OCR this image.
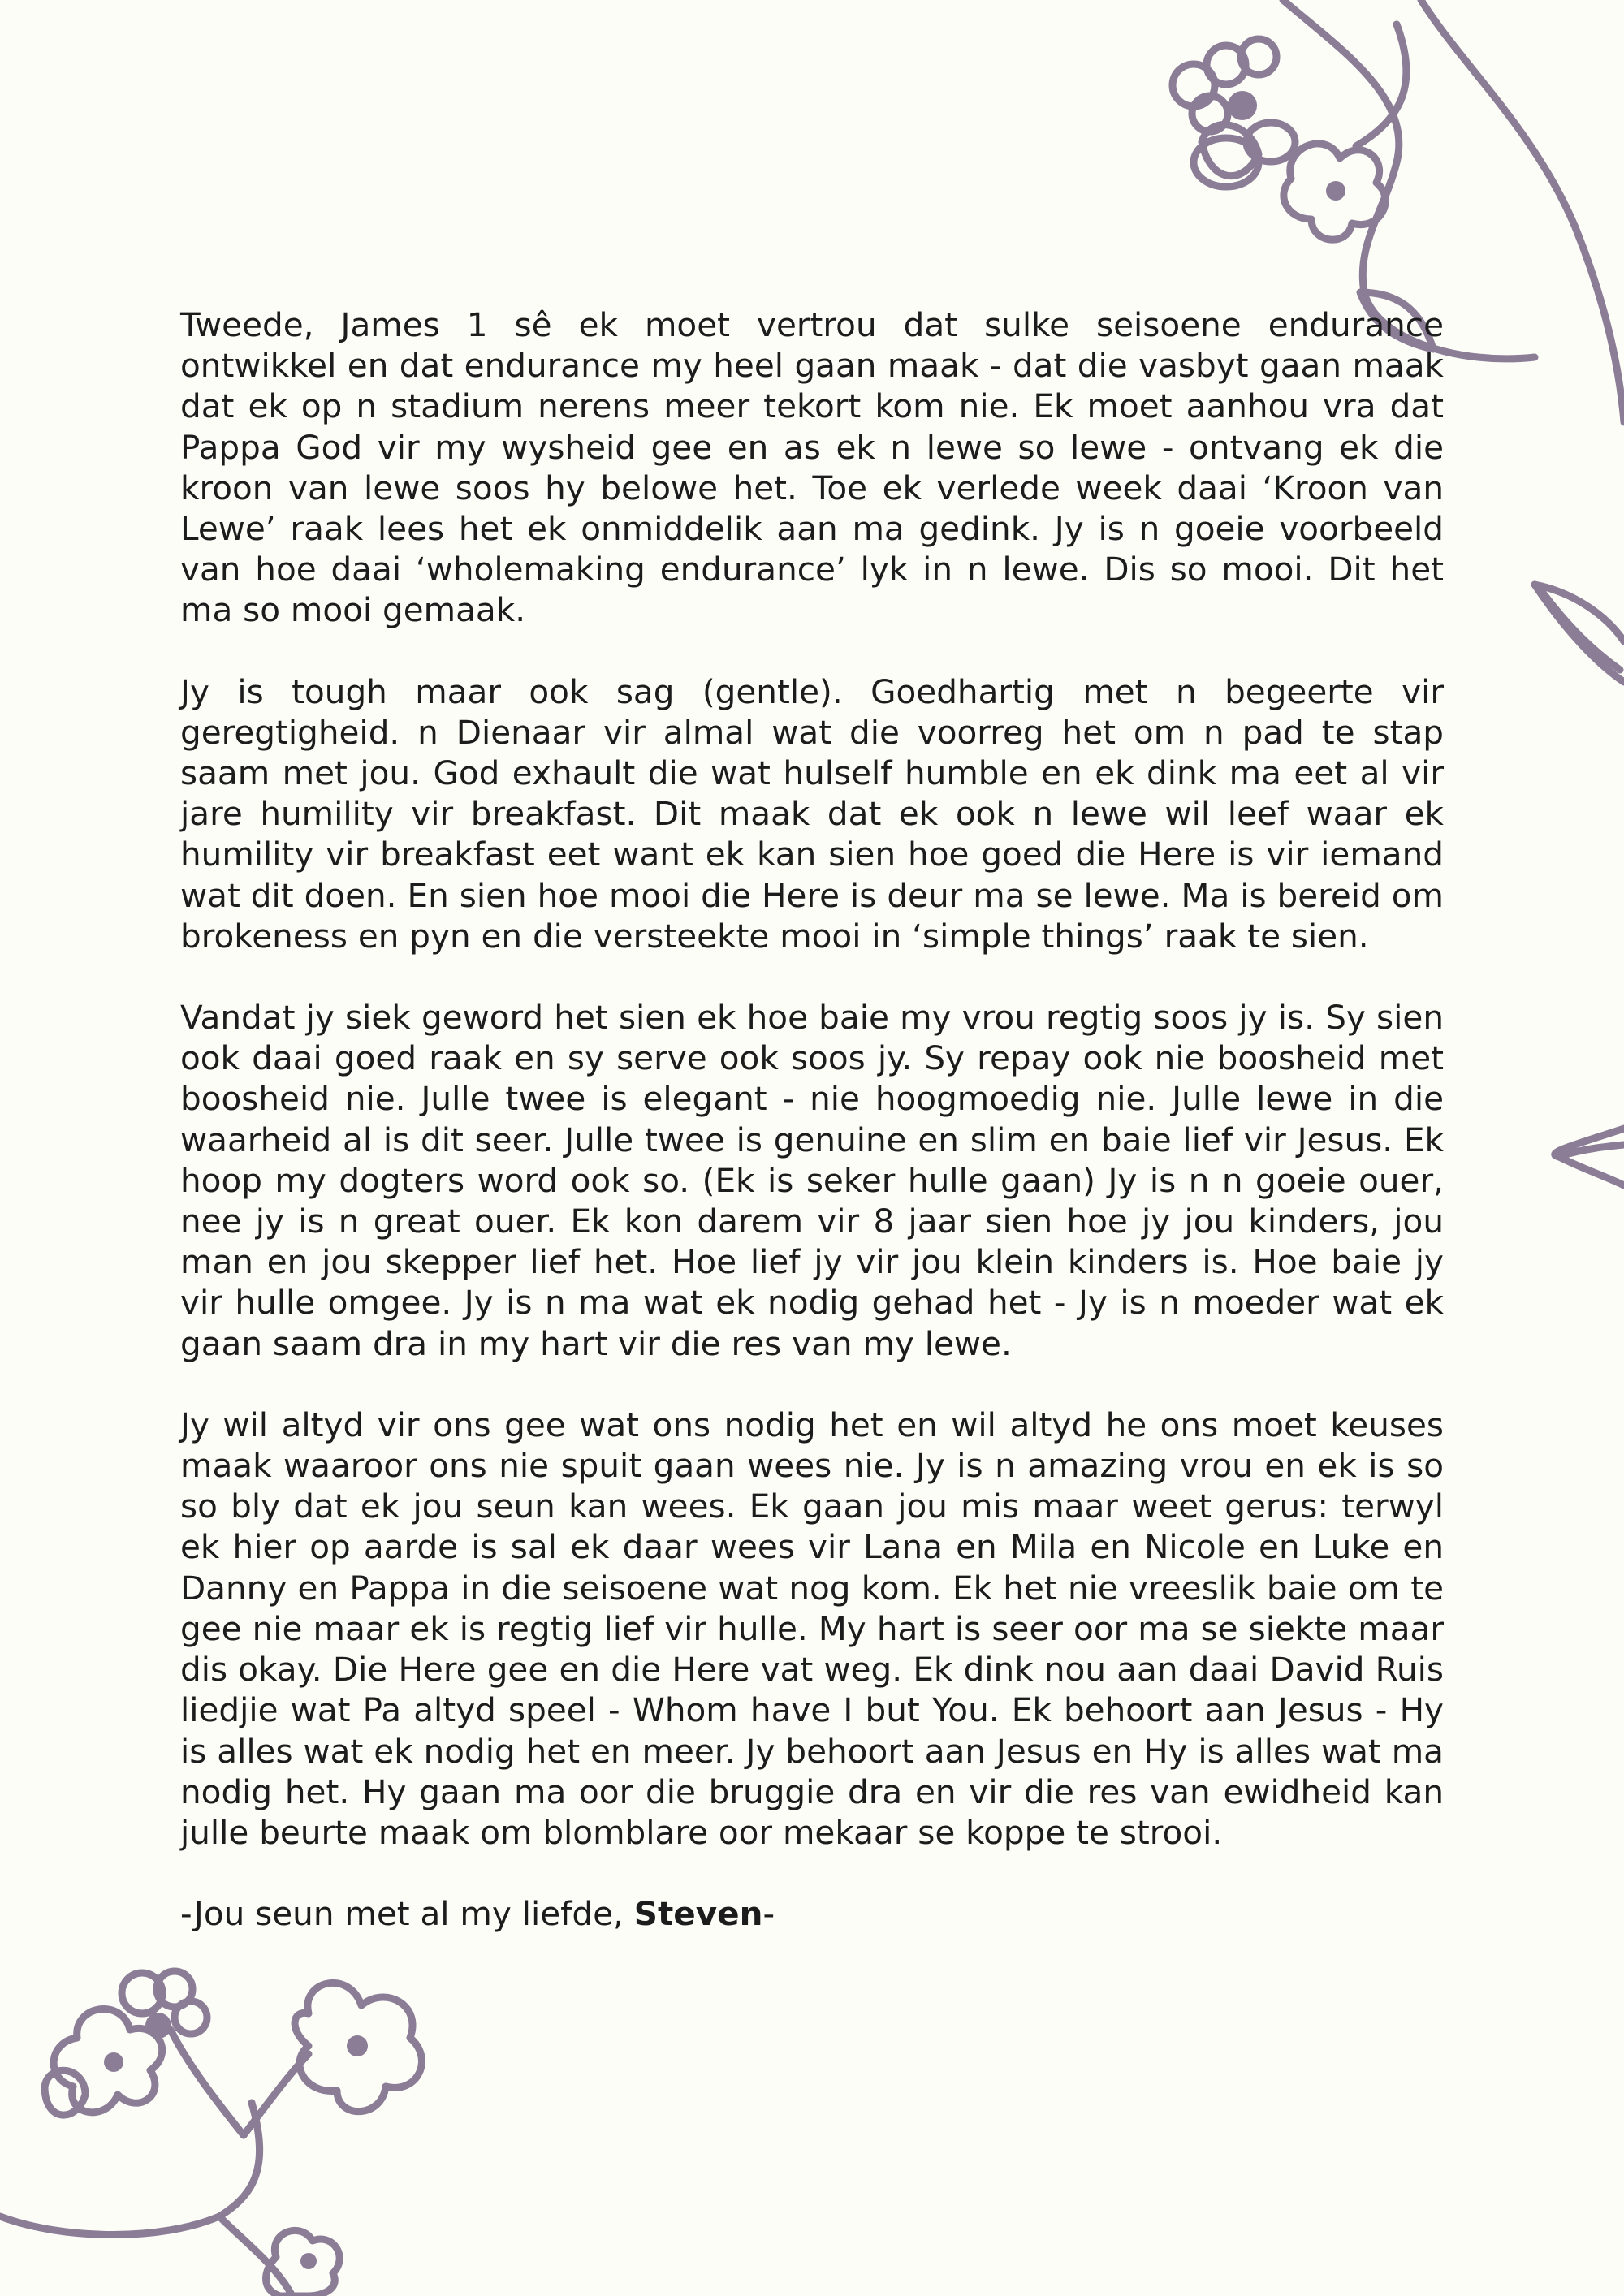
Tweede, James 1 sê ek moet vertrou dat sulke seisoene endurance ontwikkel en dat endurance my heel gaan maak - dat die vasbyt gaan maak dat ek op n stadium nerens meer tekort kom nie. Ek moet aanhou vra dat Pappa God vir my wysheid gee en as ek n lewe so lewe - ontvang ek die kroon van lewe soos hy belowe het. Toe ek verlede week daai ‘Kroon van Lewe’ raak lees het ek onmiddelik aan ma gedink. Jy is n goeie voorbeeld van hoe daai ‘wholemaking endurance’ lyk in n lewe. Dis so mooi. Dit het ma so mooi gemaak.

Jy is tough maar ook sag (gentle). Goedhartig met n begeerte vir geregtigheid. n Dienaar vir almal wat die voorreg het om n pad te stap saam met jou. God exhault die wat hulself humble en ek dink ma eet al vir jare humility vir breakfast. Dit maak dat ek ook n lewe wil leef waar ek humility vir breakfast eet want ek kan sien hoe goed die Here is vir iemand wat dit doen. En sien hoe mooi die Here is deur ma se lewe. Ma is bereid om brokeness en pyn en die versteekte mooi in ‘simple things’ raak te sien.

Vandat jy siek geword het sien ek hoe baie my vrou regtig soos jy is. Sy sien ook daai goed raak en sy serve ook soos jy. Sy repay ook nie boosheid met boosheid nie. Julle twee is elegant - nie hoogmoedig nie. Julle lewe in die waarheid al is dit seer. Julle twee is genuine en slim en baie lief vir Jesus. Ek hoop my dogters word ook so. (Ek is seker hulle gaan) Jy is n n goeie ouer, nee jy is n great ouer. Ek kon darem vir 8 jaar sien hoe jy jou kinders, jou man en jou skepper lief het. Hoe lief jy vir jou klein kinders is. Hoe baie jy vir hulle omgee. Jy is n ma wat ek nodig gehad het - Jy is n moeder wat ek gaan saam dra in my hart vir die res van my lewe.

Jy wil altyd vir ons gee wat ons nodig het en wil altyd he ons moet keuses maak waaroor ons nie spuit gaan wees nie. Jy is n amazing vrou en ek is so so bly dat ek jou seun kan wees. Ek gaan jou mis maar weet gerus: terwyl ek hier op aarde is sal ek daar wees vir Lana en Mila en Nicole en Luke en Danny en Pappa in die seisoene wat nog kom. Ek het nie vreeslik baie om te gee nie maar ek is regtig lief vir hulle. My hart is seer oor ma se siekte maar dis okay. Die Here gee en die Here vat weg. Ek dink nou aan daai David Ruis liedjie wat Pa altyd speel - Whom have I but You. Ek behoort aan Jesus - Hy is alles wat ek nodig het en meer. Jy behoort aan Jesus en Hy is alles wat ma nodig het. Hy gaan ma oor die bruggie dra en vir die res van ewidheid kan julle beurte maak om blomblare oor mekaar se koppe te strooi.

-Jou seun met al my liefde, Steven-
